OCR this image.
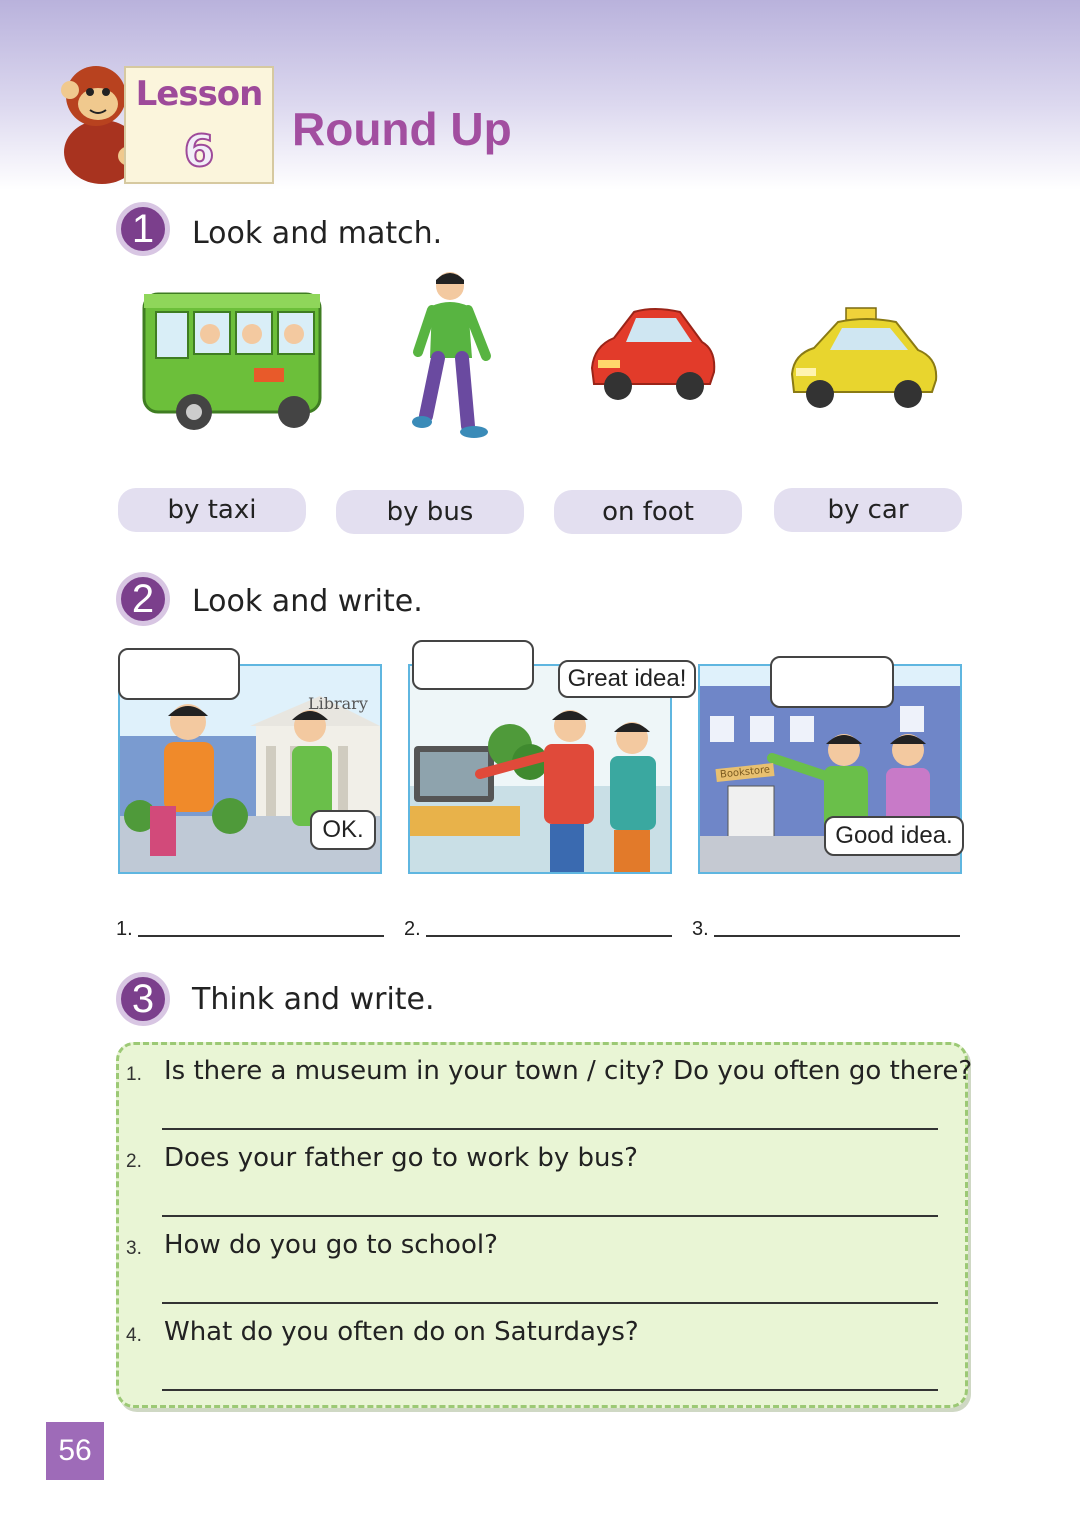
Lesson
6	Round Up
1	Look and match.
by taxi	by bus	on foot	by car
2	Look and write.
Library
OK.
Great idea!
Bookstore
Good idea.
1.	2.	3.
3	Think and write.
1. Is there a museum in your town / city? Do you often go there?
2. Does your father go to work by bus?
3. How do you go to school?
4. What do you often do on Saturdays?
56
